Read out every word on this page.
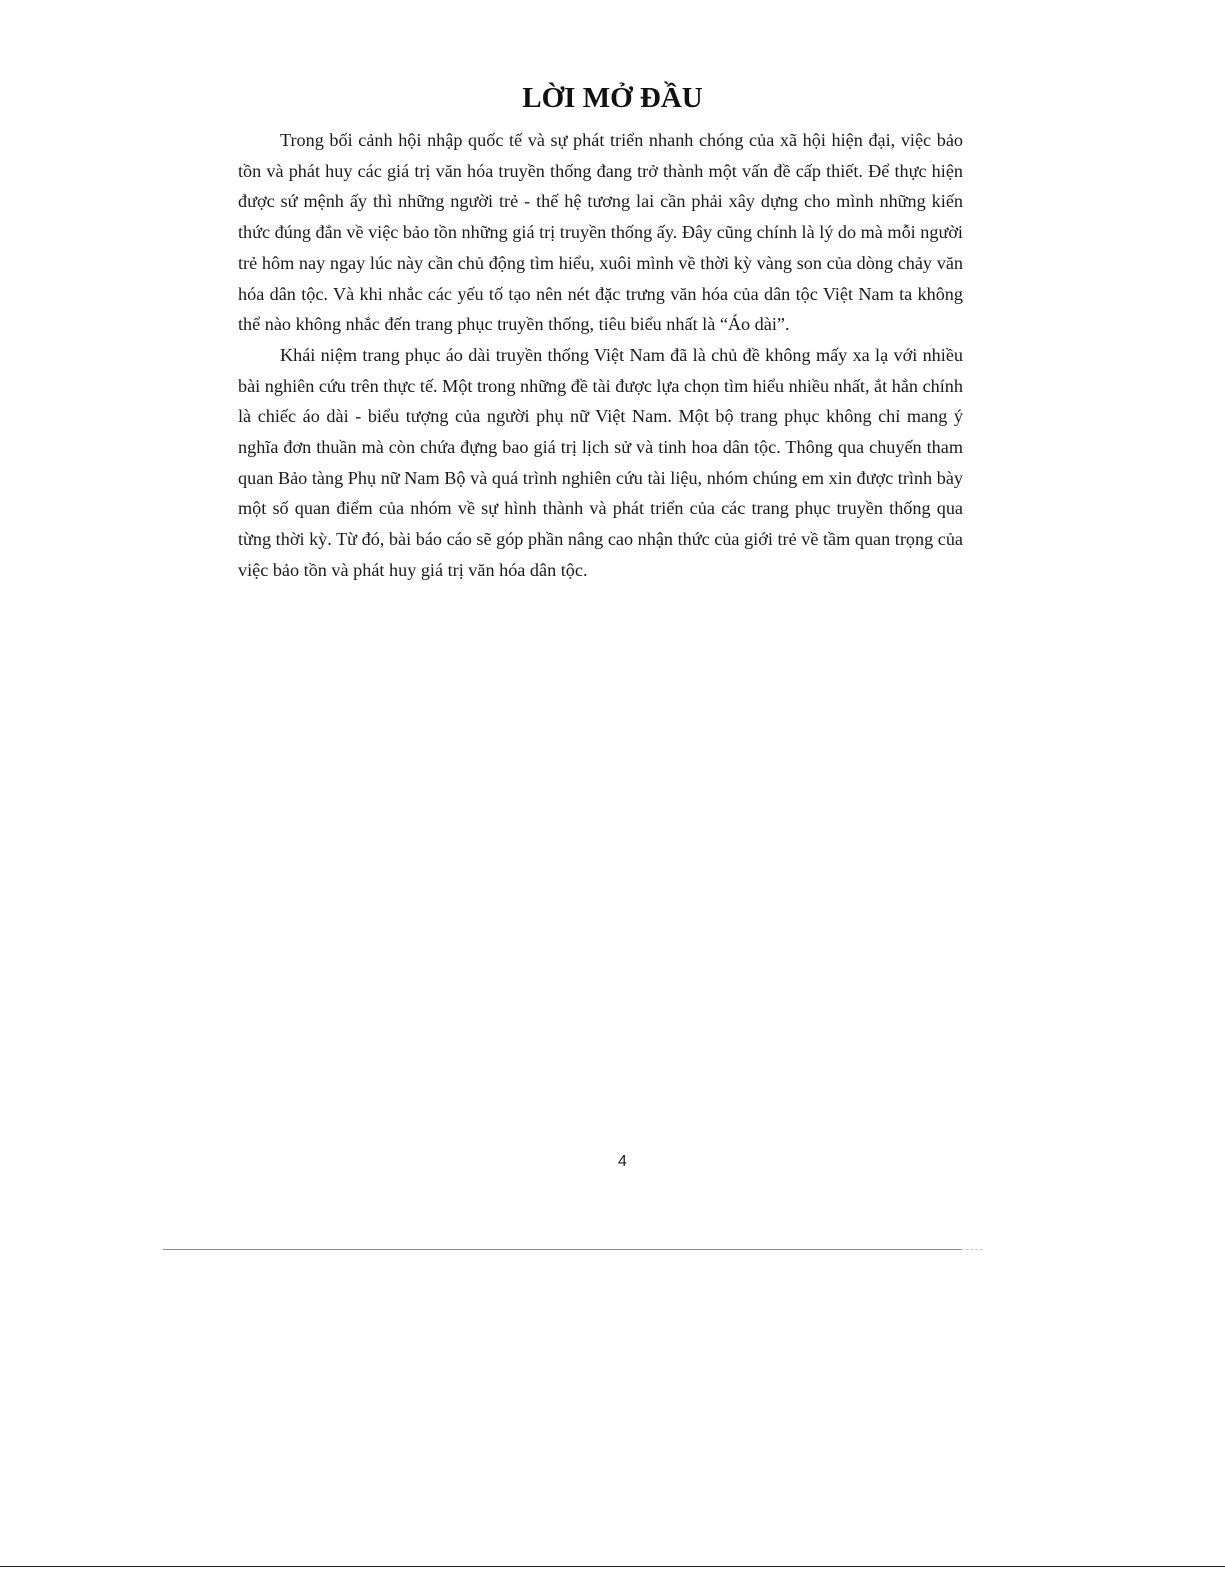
LỜI MỞ ĐẦU

Trong bối cảnh hội nhập quốc tế và sự phát triển nhanh chóng của xã hội hiện đại, việc bảo tồn và phát huy các giá trị văn hóa truyền thống đang trở thành một vấn đề cấp thiết. Để thực hiện được sứ mệnh ấy thì những người trẻ - thế hệ tương lai cần phải xây dựng cho mình những kiến thức đúng đắn về việc bảo tồn những giá trị truyền thống ấy. Đây cũng chính là lý do mà mỗi người trẻ hôm nay ngay lúc này cần chủ động tìm hiểu, xuôi mình về thời kỳ vàng son của dòng chảy văn hóa dân tộc. Và khi nhắc các yếu tố tạo nên nét đặc trưng văn hóa của dân tộc Việt Nam ta không thể nào không nhắc đến trang phục truyền thống, tiêu biểu nhất là “Áo dài”.

Khái niệm trang phục áo dài truyền thống Việt Nam đã là chủ đề không mấy xa lạ với nhiều bài nghiên cứu trên thực tế. Một trong những đề tài được lựa chọn tìm hiểu nhiều nhất, ắt hẳn chính là chiếc áo dài - biểu tượng của người phụ nữ Việt Nam. Một bộ trang phục không chỉ mang ý nghĩa đơn thuần mà còn chứa đựng bao giá trị lịch sử và tinh hoa dân tộc. Thông qua chuyến tham quan Bảo tàng Phụ nữ Nam Bộ và quá trình nghiên cứu tài liệu, nhóm chúng em xin được trình bày một số quan điểm của nhóm về sự hình thành và phát triển của các trang phục truyền thống qua từng thời kỳ. Từ đó, bài báo cáo sẽ góp phần nâng cao nhận thức của giới trẻ về tầm quan trọng của việc bảo tồn và phát huy giá trị văn hóa dân tộc.

4
